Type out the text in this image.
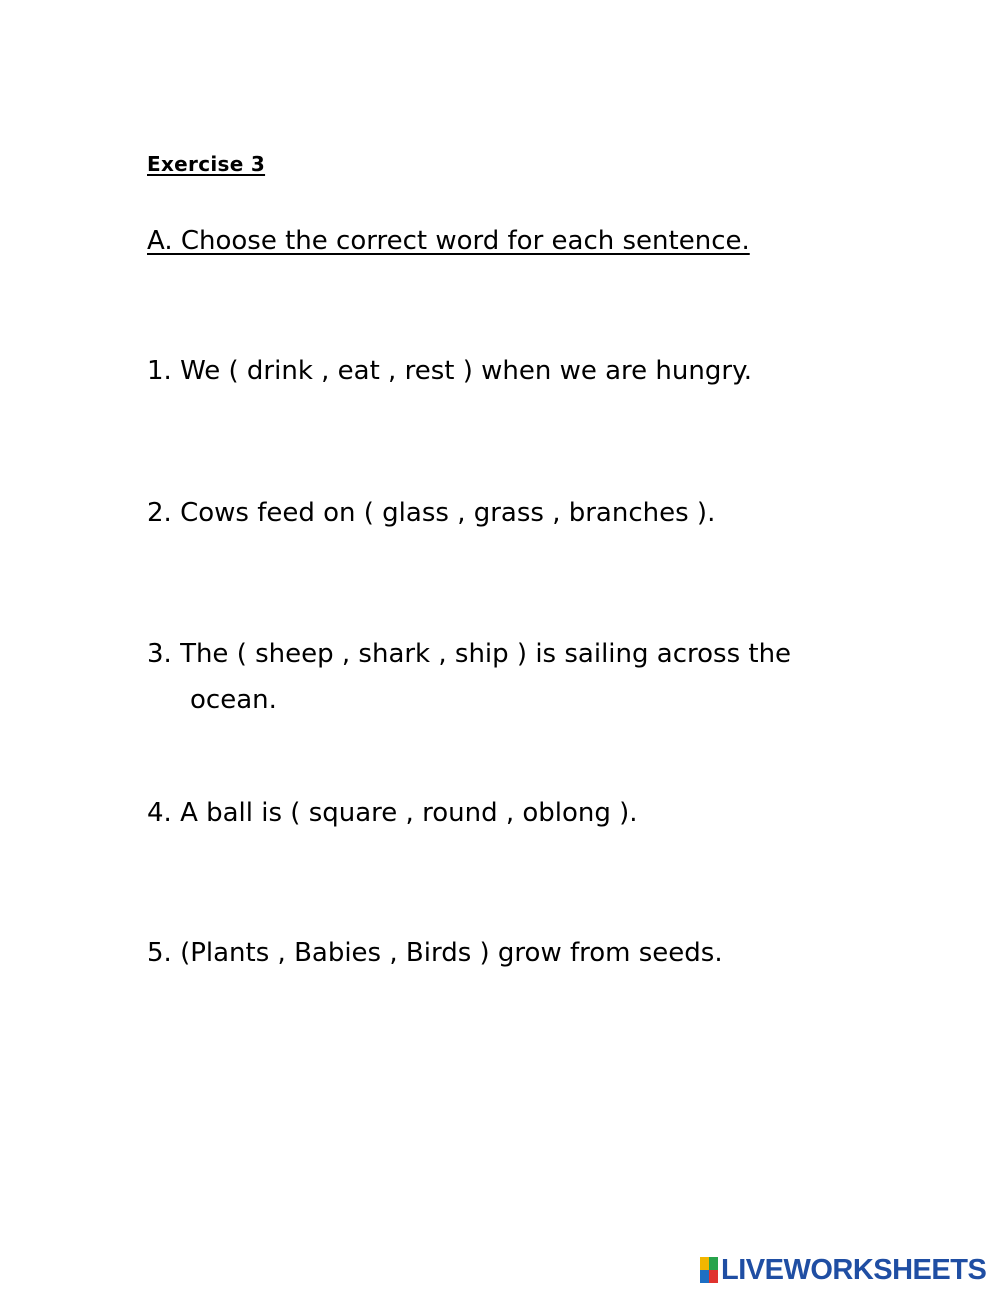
Exercise 3
A. Choose the correct word for each sentence.
1. We ( drink , eat , rest ) when we are hungry.
2. Cows feed on ( glass , grass , branches ).
3. The ( sheep , shark , ship ) is sailing across the
ocean.
4. A ball is ( square , round , oblong ).
5. (Plants , Babies , Birds ) grow from seeds.
LIVEWORKSHEETS
